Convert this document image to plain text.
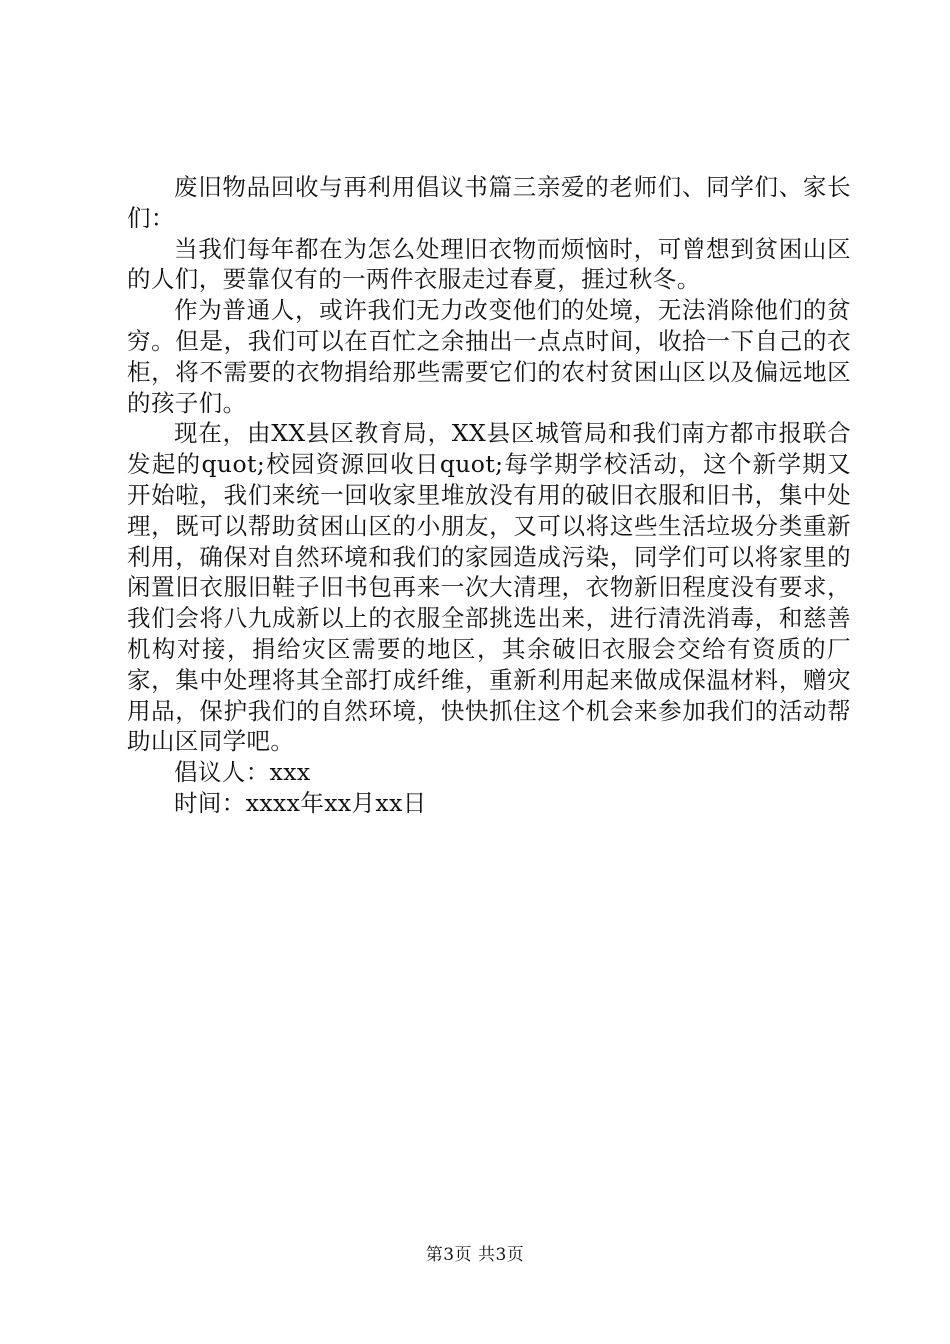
废旧物品回收与再利用倡议书篇三亲爱的老师们、同学们、家长们：

当我们每年都在为怎么处理旧衣物而烦恼时，可曾想到贫困山区的人们，要靠仅有的一两件衣服走过春夏，捱过秋冬。

作为普通人，或许我们无力改变他们的处境，无法消除他们的贫穷。但是，我们可以在百忙之余抽出一点点时间，收拾一下自己的衣柜，将不需要的衣物捐给那些需要它们的农村贫困山区以及偏远地区的孩子们。

现在，由XX县区教育局，XX县区城管局和我们南方都市报联合发起的quot;校园资源回收日quot;每学期学校活动，这个新学期又开始啦，我们来统一回收家里堆放没有用的破旧衣服和旧书，集中处理，既可以帮助贫困山区的小朋友，又可以将这些生活垃圾分类重新利用，确保对自然环境和我们的家园造成污染，同学们可以将家里的闲置旧衣服旧鞋子旧书包再来一次大清理，衣物新旧程度没有要求，我们会将八九成新以上的衣服全部挑选出来，进行清洗消毒，和慈善机构对接，捐给灾区需要的地区，其余破旧衣服会交给有资质的厂家，集中处理将其全部打成纤维，重新利用起来做成保温材料，赠灾用品，保护我们的自然环境，快快抓住这个机会来参加我们的活动帮助山区同学吧。

倡议人：xxx

时间：xxxx年xx月xx日

第3页 共3页
